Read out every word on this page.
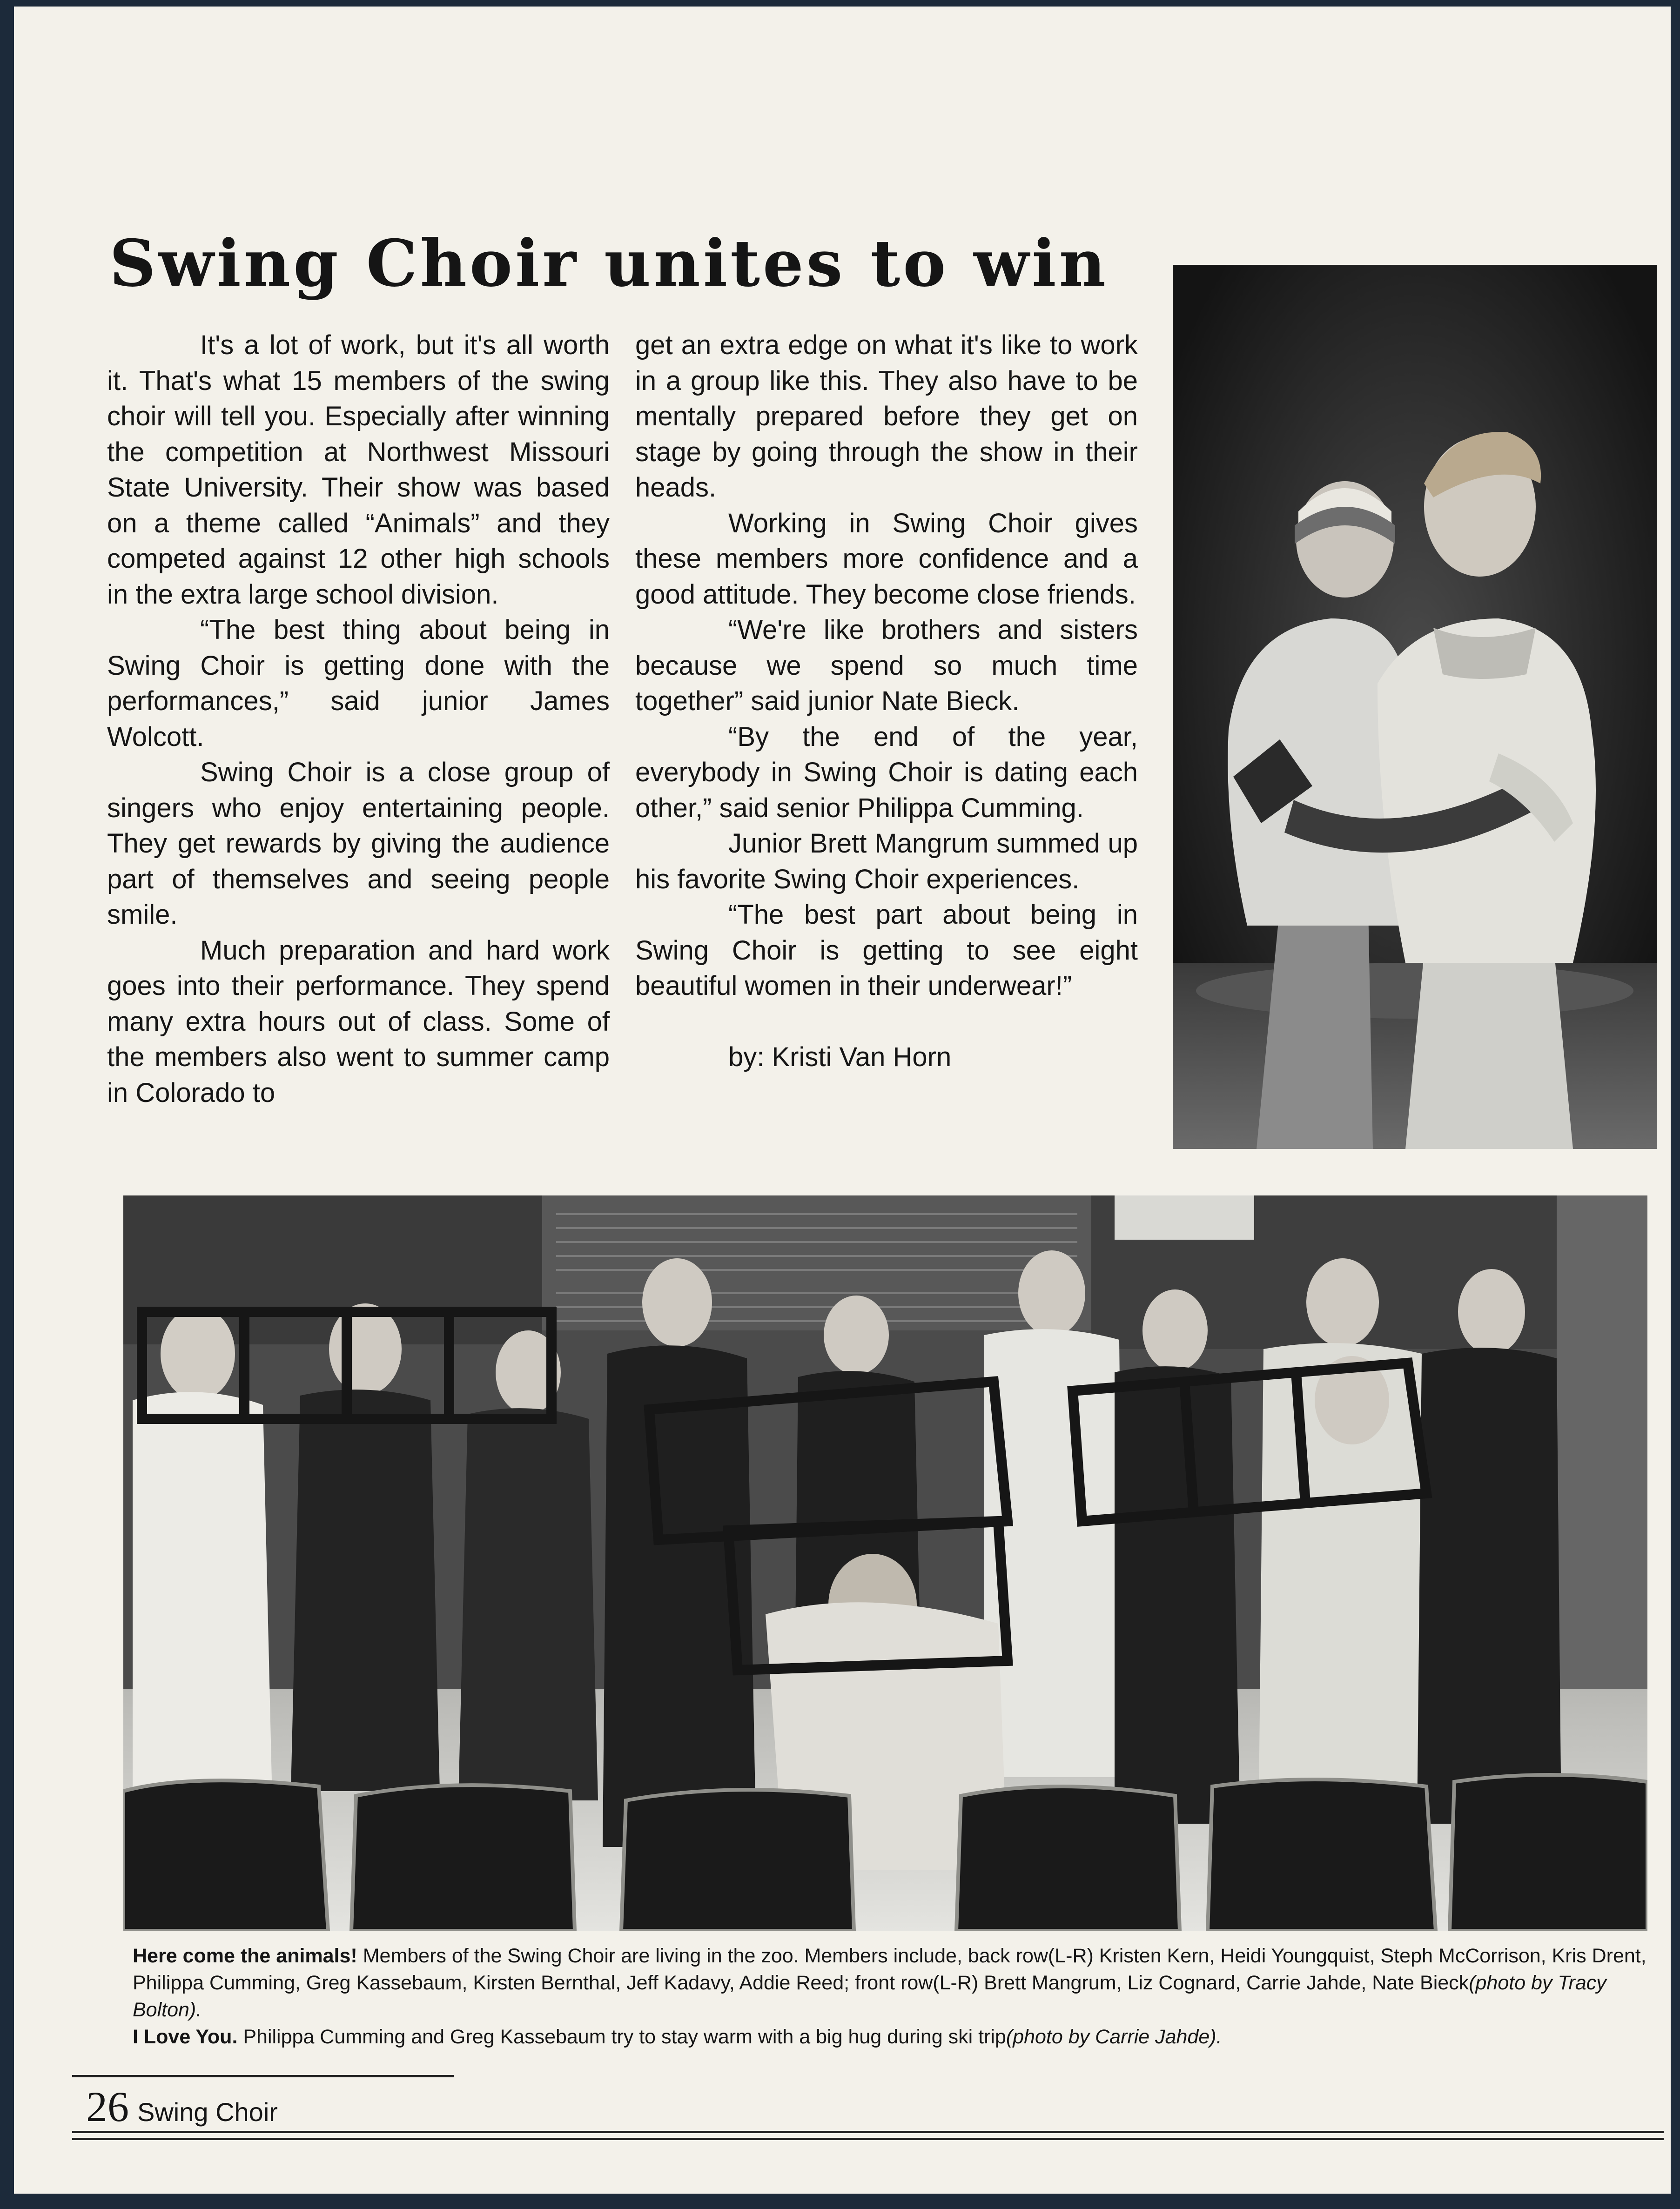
Swing Choir unites to win

It's a lot of work, but it's all worth it. That's what 15 members of the swing choir will tell you. Especially after winning the competition at Northwest Missouri State University. Their show was based on a theme called “Animals” and they competed against 12 other high schools in the extra large school division.

“The best thing about being in Swing Choir is getting done with the performances,” said junior James Wolcott.

Swing Choir is a close group of singers who enjoy entertaining people. They get rewards by giving the audience part of themselves and seeing people smile.

Much preparation and hard work goes into their performance. They spend many extra hours out of class. Some of the members also went to summer camp in Colorado to

get an extra edge on what it's like to work in a group like this. They also have to be mentally prepared before they get on stage by going through the show in their heads.

Working in Swing Choir gives these members more confidence and a good attitude. They become close friends.

“We're like brothers and sisters because we spend so much time together” said junior Nate Bieck.

“By the end of the year, everybody in Swing Choir is dating each other,” said senior Philippa Cumming.

Junior Brett Mangrum summed up his favorite Swing Choir experiences.

“The best part about being in Swing Choir is getting to see eight beautiful women in their underwear!”

by: Kristi Van Horn

Here come the animals! Members of the Swing Choir are living in the zoo. Members include, back row(L-R) Kristen Kern, Heidi Youngquist, Steph McCorrison, Kris Drent, Philippa Cumming, Greg Kassebaum, Kirsten Bernthal, Jeff Kadavy, Addie Reed; front row(L-R) Brett Mangrum, Liz Cognard, Carrie Jahde, Nate Bieck(photo by Tracy Bolton).

I Love You. Philippa Cumming and Greg Kassebaum try to stay warm with a big hug during ski trip(photo by Carrie Jahde).

26 Swing Choir
